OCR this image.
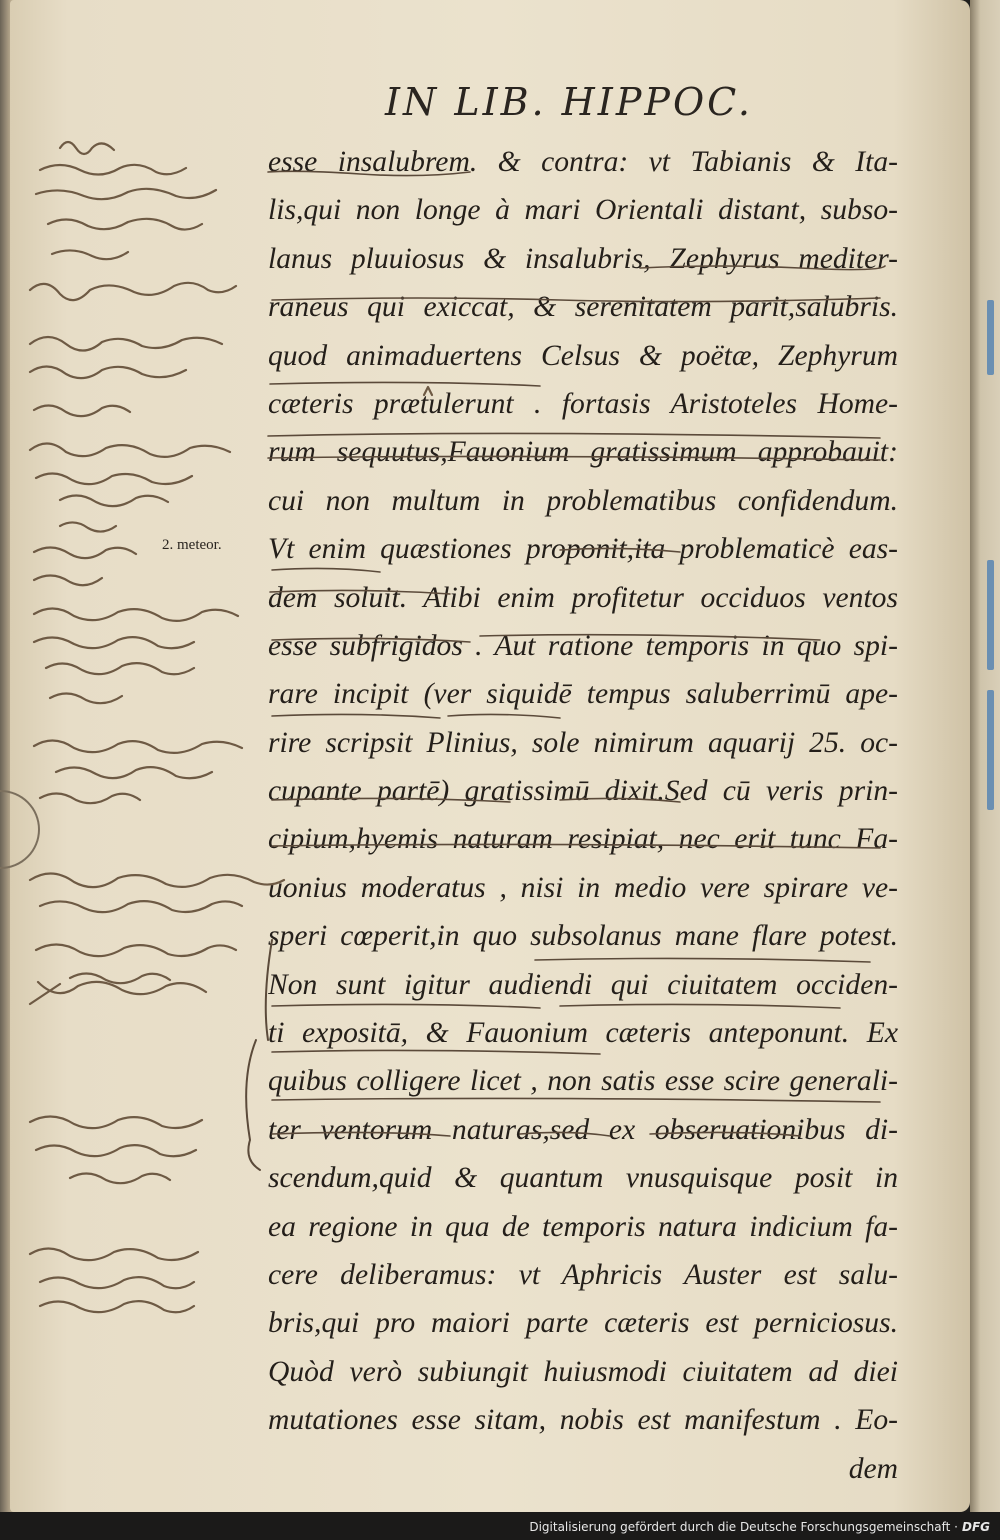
IN LIB. HIPPOC.
2. meteor.
esse insalubrem. & contra: vt Tabianis & Ita-
lis,qui non longe à mari Orientali distant, subso-
lanus pluuiosus & insalubris, Zephyrus mediter-
raneus qui exiccat, & serenitatem parit,salubris.
quod animaduertens Celsus & poëtæ, Zephyrum
cæteris prætulerunt . fortasis Aristoteles Home-
rum sequutus,Fauonium gratissimum approbauit:
cui non multum in problematibus confidendum.
Vt enim quæstiones proponit,ita problematicè eas-
dem soluit. Alibi enim profitetur occiduos ventos
esse subfrigidos . Aut ratione temporis in quo spi-
rare incipit (ver siquidē tempus saluberrimū ape-
rire scripsit Plinius, sole nimirum aquarij 25. oc-
cupante partē) gratissimū dixit.Sed cū veris prin-
cipium,hyemis naturam resipiat, nec erit tunc Fa-
uonius moderatus , nisi in medio vere spirare ve-
speri cœperit,in quo subsolanus mane flare potest.
Non sunt igitur audiendi qui ciuitatem occiden-
ti expositā, & Fauonium cæteris anteponunt. Ex
quibus colligere licet , non satis esse scire generali-
ter ventorum naturas,sed ex obseruationibus di-
scendum,quid & quantum vnusquisque posit in
ea regione in qua de temporis natura indicium fa-
cere deliberamus: vt Aphricis Auster est salu-
bris,qui pro maiori parte cæteris est perniciosus.
Quòd verò subiungit huiusmodi ciuitatem ad diei
mutationes esse sitam, nobis est manifestum . Eo-
dem
Digitalisierung gefördert durch die Deutsche Forschungsgemeinschaft · DFG
